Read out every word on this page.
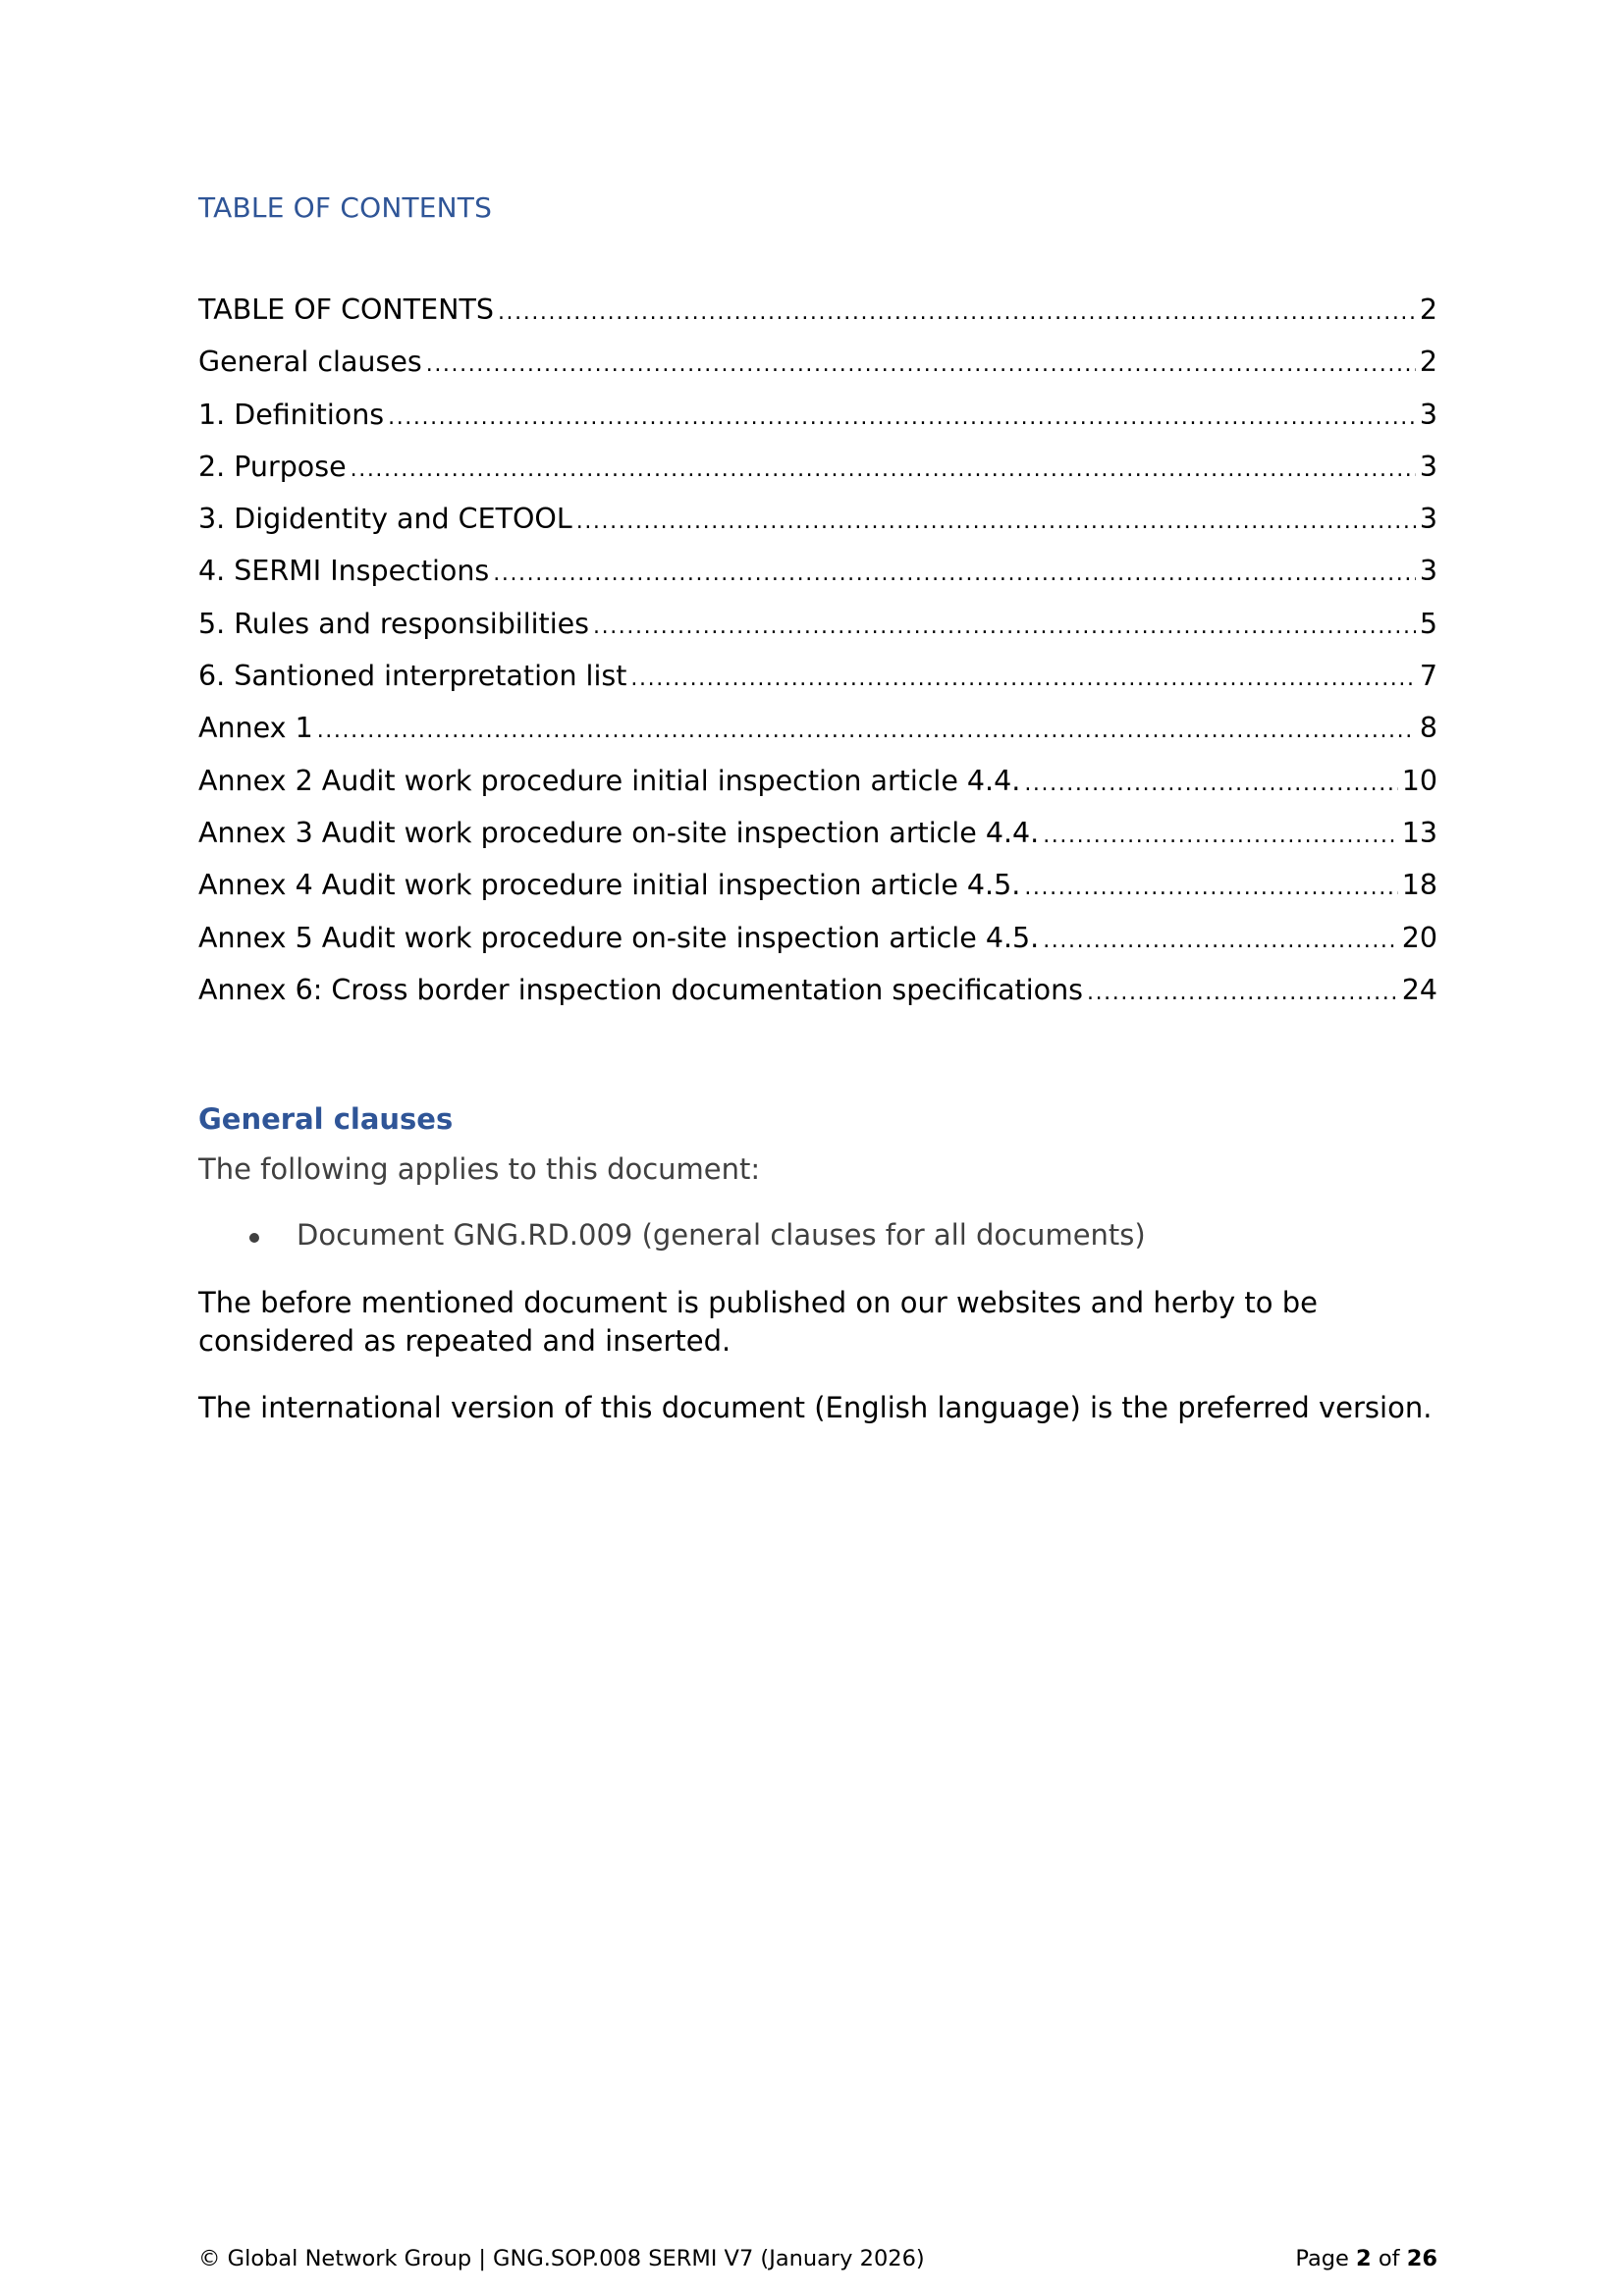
TABLE OF CONTENTS
TABLE OF CONTENTS .....	2
General clauses .....	2
1. Definitions .....	3
2. Purpose .....	3
3. Digidentity and CETOOL .....	3
4. SERMI Inspections .....	3
5. Rules and responsibilities .....	5
6. Santioned interpretation list .....	7
Annex 1 .....	8
Annex 2 Audit work procedure initial inspection article 4.4. .....	10
Annex 3 Audit work procedure on-site inspection article 4.4. .....	13
Annex 4 Audit work procedure initial inspection article 4.5. .....	18
Annex 5 Audit work procedure on-site inspection article 4.5. .....	20
Annex 6: Cross border inspection documentation specifications .....	24
General clauses
The following applies to this document:
Document GNG.RD.009 (general clauses for all documents)
The before mentioned document is published on our websites and herby to be considered as repeated and inserted.
The international version of this document (English language) is the preferred version.
© Global Network Group | GNG.SOP.008 SERMI V7 (January 2026)	Page 2 of 26
